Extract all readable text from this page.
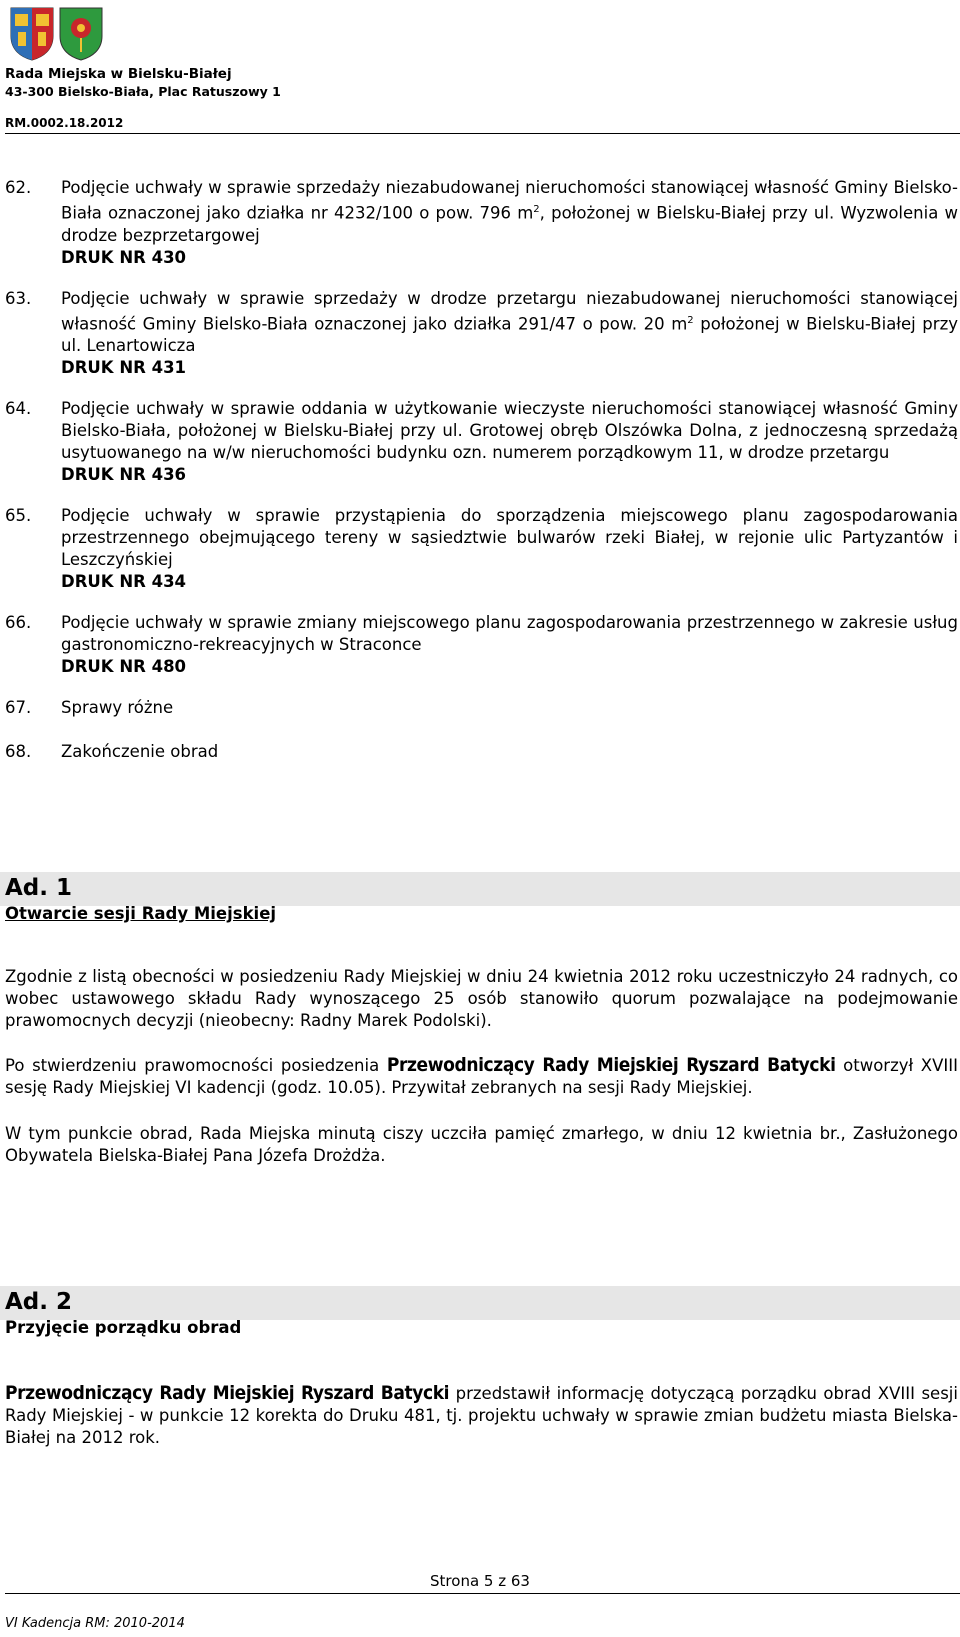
Rada Miejska w Bielsku-Białej

43-300 Bielsko-Biała, Plac Ratuszowy 1

RM.0002.18.2012

62.	Podjęcie uchwały w sprawie sprzedaży niezabudowanej nieruchomości stanowiącej własność Gminy Bielsko-Biała oznaczonej jako działka nr 4232/100 o pow. 796 $m^2$, położonej w Bielsku-Białej przy ul. Wyzwolenia w drodze bezprzetargowej
DRUK NR 430
63.	Podjęcie uchwały w sprawie sprzedaży w drodze przetargu niezabudowanej nieruchomości stanowiącej własność Gminy Bielsko-Biała oznaczonej jako działka 291/47 o pow. 20 $m^2$ położonej w Bielsku-Białej przy ul. Lenartowicza
DRUK NR 431
64.	Podjęcie uchwały w sprawie oddania w użytkowanie wieczyste nieruchomości stanowiącej własność Gminy Bielsko-Biała, położonej w Bielsku-Białej przy ul. Grotowej obręb Olszówka Dolna, z jednoczesną sprzedażą usytuowanego na w/w nieruchomości budynku ozn. numerem porządkowym 11, w drodze przetargu
DRUK NR 436
65.	Podjęcie uchwały w sprawie przystąpienia do sporządzenia miejscowego planu zagospodarowania przestrzennego obejmującego tereny w sąsiedztwie bulwarów rzeki Białej, w rejonie ulic Partyzantów i Leszczyńskiej
DRUK NR 434
66.	Podjęcie uchwały w sprawie zmiany miejscowego planu zagospodarowania przestrzennego w zakresie usług gastronomiczno-rekreacyjnych w Straconce
DRUK NR 480
67.	Sprawy różne
68.	Zakończenie obrad

Ad. 1

Otwarcie sesji Rady Miejskiej

Zgodnie z listą obecności w posiedzeniu Rady Miejskiej w dniu 24 kwietnia 2012 roku uczestniczyło 24 radnych, co wobec ustawowego składu Rady wynoszącego 25 osób stanowiło quorum pozwalające na podejmowanie prawomocnych decyzji (nieobecny: Radny Marek Podolski).

Po stwierdzeniu prawomocności posiedzenia Przewodniczący Rady Miejskiej Ryszard Batycki otworzył XVIII sesję Rady Miejskiej VI kadencji (godz. 10.05). Przywitał zebranych na sesji Rady Miejskiej.

W tym punkcie obrad, Rada Miejska minutą ciszy uczciła pamięć zmarłego, w dniu 12 kwietnia br., Zasłużonego Obywatela Bielska-Białej Pana Józefa Drożdża.

Ad. 2

Przyjęcie porządku obrad

Przewodniczący Rady Miejskiej Ryszard Batycki przedstawił informację dotyczącą porządku obrad XVIII sesji Rady Miejskiej - w punkcie 12 korekta do Druku 481, tj. projektu uchwały w sprawie zmian budżetu miasta Bielska-Białej na 2012 rok.

Strona 5 z 63

VI Kadencja RM: 2010-2014
